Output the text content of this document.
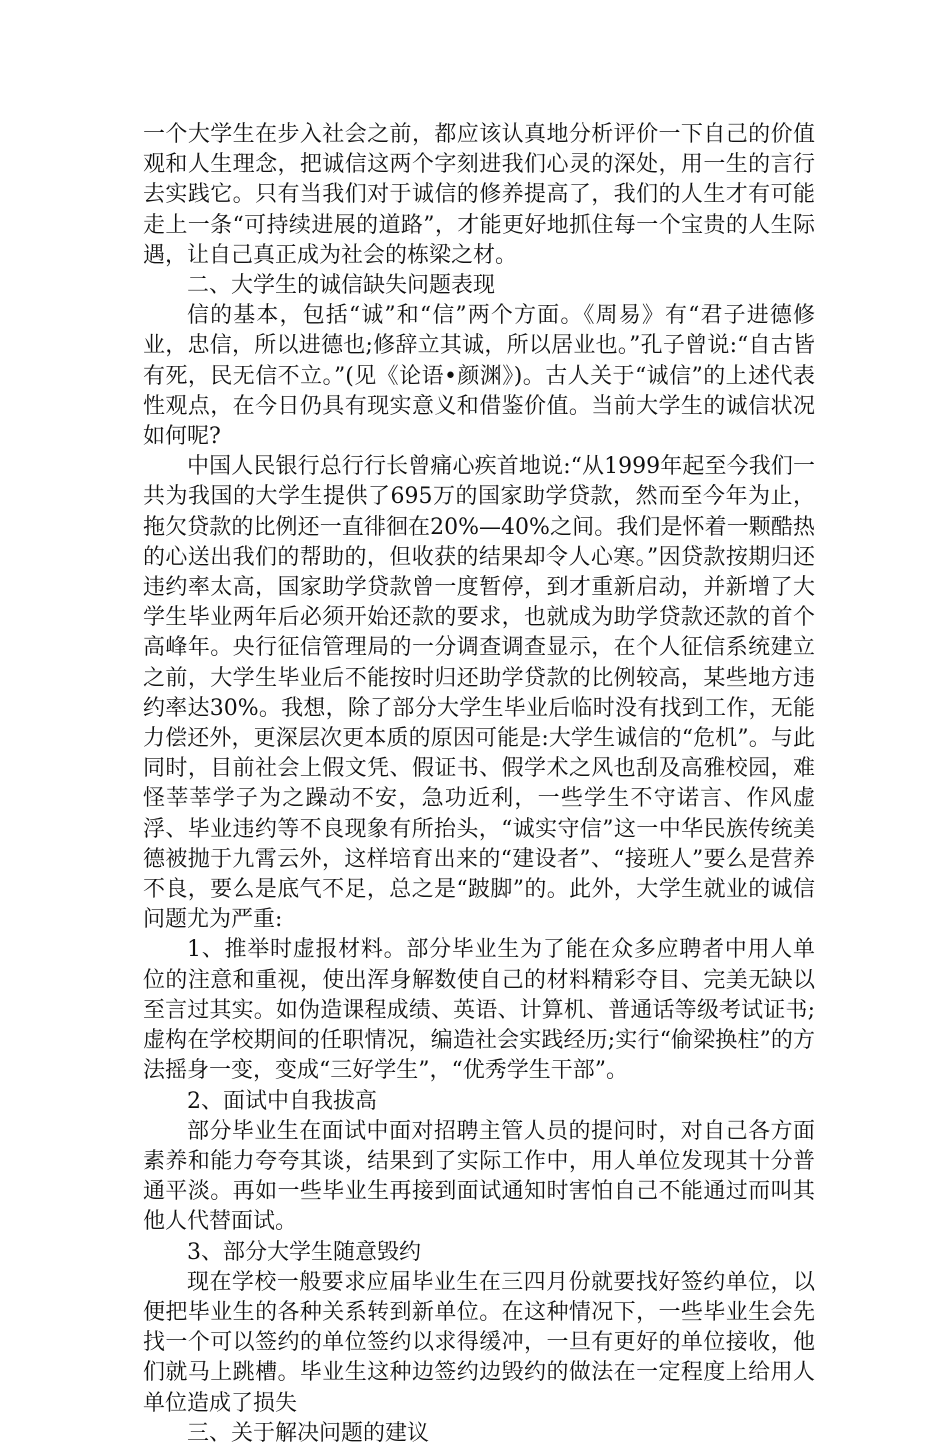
一个大学生在步入社会之前，都应该认真地分析评价一下自己的价值观和人生理念，把诚信这两个字刻进我们心灵的深处，用一生的言行去实践它。只有当我们对于诚信的修养提高了，我们的人生才有可能走上一条“可持续进展的道路”，才能更好地抓住每一个宝贵的人生际遇，让自己真正成为社会的栋梁之材。

二、大学生的诚信缺失问题表现

信的基本，包括“诚”和“信”两个方面。《周易》有“君子进德修业，忠信，所以进德也;修辞立其诚，所以居业也。”孔子曾说:“自古皆有死，民无信不立。”(见《论语•颜渊》)。古人关于“诚信”的上述代表性观点，在今日仍具有现实意义和借鉴价值。当前大学生的诚信状况如何呢?

中国人民银行总行行长曾痛心疾首地说:“从1999年起至今我们一共为我国的大学生提供了695万的国家助学贷款，然而至今年为止，拖欠贷款的比例还一直徘徊在20%—40%之间。我们是怀着一颗酷热的心送出我们的帮助的，但收获的结果却令人心寒。”因贷款按期归还违约率太高，国家助学贷款曾一度暂停，到才重新启动，并新增了大学生毕业两年后必须开始还款的要求，也就成为助学贷款还款的首个高峰年。央行征信管理局的一分调查调查显示，在个人征信系统建立之前，大学生毕业后不能按时归还助学贷款的比例较高，某些地方违约率达30%。我想，除了部分大学生毕业后临时没有找到工作，无能力偿还外，更深层次更本质的原因可能是:大学生诚信的“危机”。与此同时，目前社会上假文凭、假证书、假学术之风也刮及高雅校园，难怪莘莘学子为之躁动不安，急功近利，一些学生不守诺言、作风虚浮、毕业违约等不良现象有所抬头，“诚实守信”这一中华民族传统美德被抛于九霄云外，这样培育出来的“建设者”、“接班人”要么是营养不良，要么是底气不足，总之是“跛脚”的。此外，大学生就业的诚信问题尤为严重:

1、推举时虚报材料。部分毕业生为了能在众多应聘者中用人单位的注意和重视，使出浑身解数使自己的材料精彩夺目、完美无缺以至言过其实。如伪造课程成绩、英语、计算机、普通话等级考试证书;虚构在学校期间的任职情况，编造社会实践经历;实行“偷梁换柱”的方法摇身一变，变成“三好学生”，“优秀学生干部”。

2、面试中自我拔高

部分毕业生在面试中面对招聘主管人员的提问时，对自己各方面素养和能力夸夸其谈，结果到了实际工作中，用人单位发现其十分普通平淡。再如一些毕业生再接到面试通知时害怕自己不能通过而叫其他人代替面试。

3、部分大学生随意毁约

现在学校一般要求应届毕业生在三四月份就要找好签约单位，以便把毕业生的各种关系转到新单位。在这种情况下，一些毕业生会先找一个可以签约的单位签约以求得缓冲，一旦有更好的单位接收，他们就马上跳槽。毕业生这种边签约边毁约的做法在一定程度上给用人单位造成了损失

三、关于解决问题的建议
